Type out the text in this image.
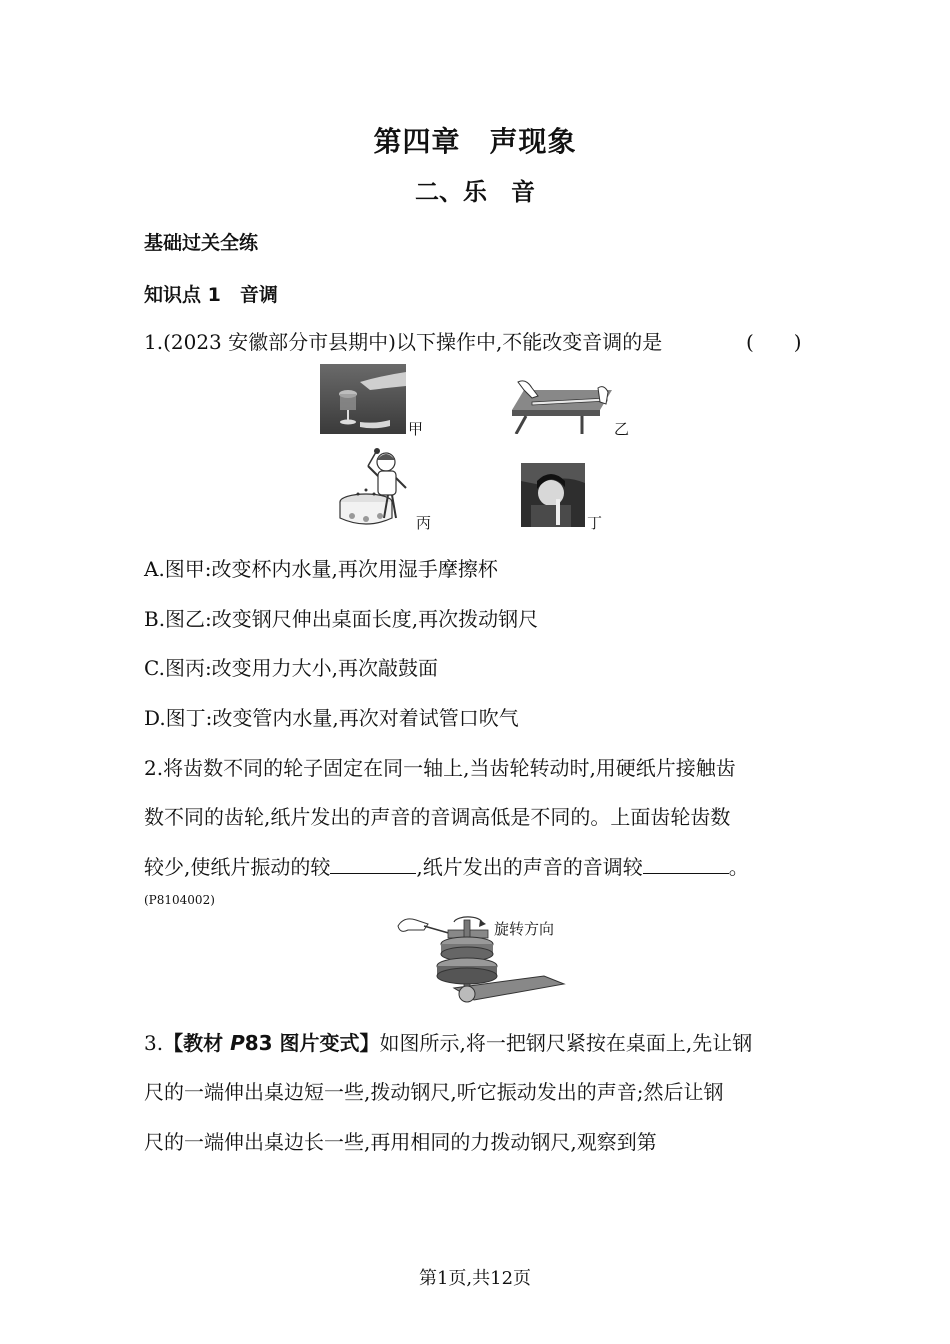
第四章　声现象
二、乐　音
基础过关全练
知识点 1　音调
1.(2023 安徽部分市县期中)以下操作中,不能改变音调的是	(　　)
甲	乙
丙	丁
A.图甲:改变杯内水量,再次用湿手摩擦杯
B.图乙:改变钢尺伸出桌面长度,再次拨动钢尺
C.图丙:改变用力大小,再次敲鼓面
D.图丁:改变管内水量,再次对着试管口吹气
2.将齿数不同的轮子固定在同一轴上,当齿轮转动时,用硬纸片接触齿
数不同的齿轮,纸片发出的声音的音调高低是不同的。上面齿轮齿数
较少,使纸片振动的较	,纸片发出的声音的音调较	。
(P8104002)
旋转方向
3.【教材 P83 图片变式】如图所示,将一把钢尺紧按在桌面上,先让钢
尺的一端伸出桌边短一些,拨动钢尺,听它振动发出的声音;然后让钢
尺的一端伸出桌边长一些,再用相同的力拨动钢尺,观察到第
第1页,共12页
